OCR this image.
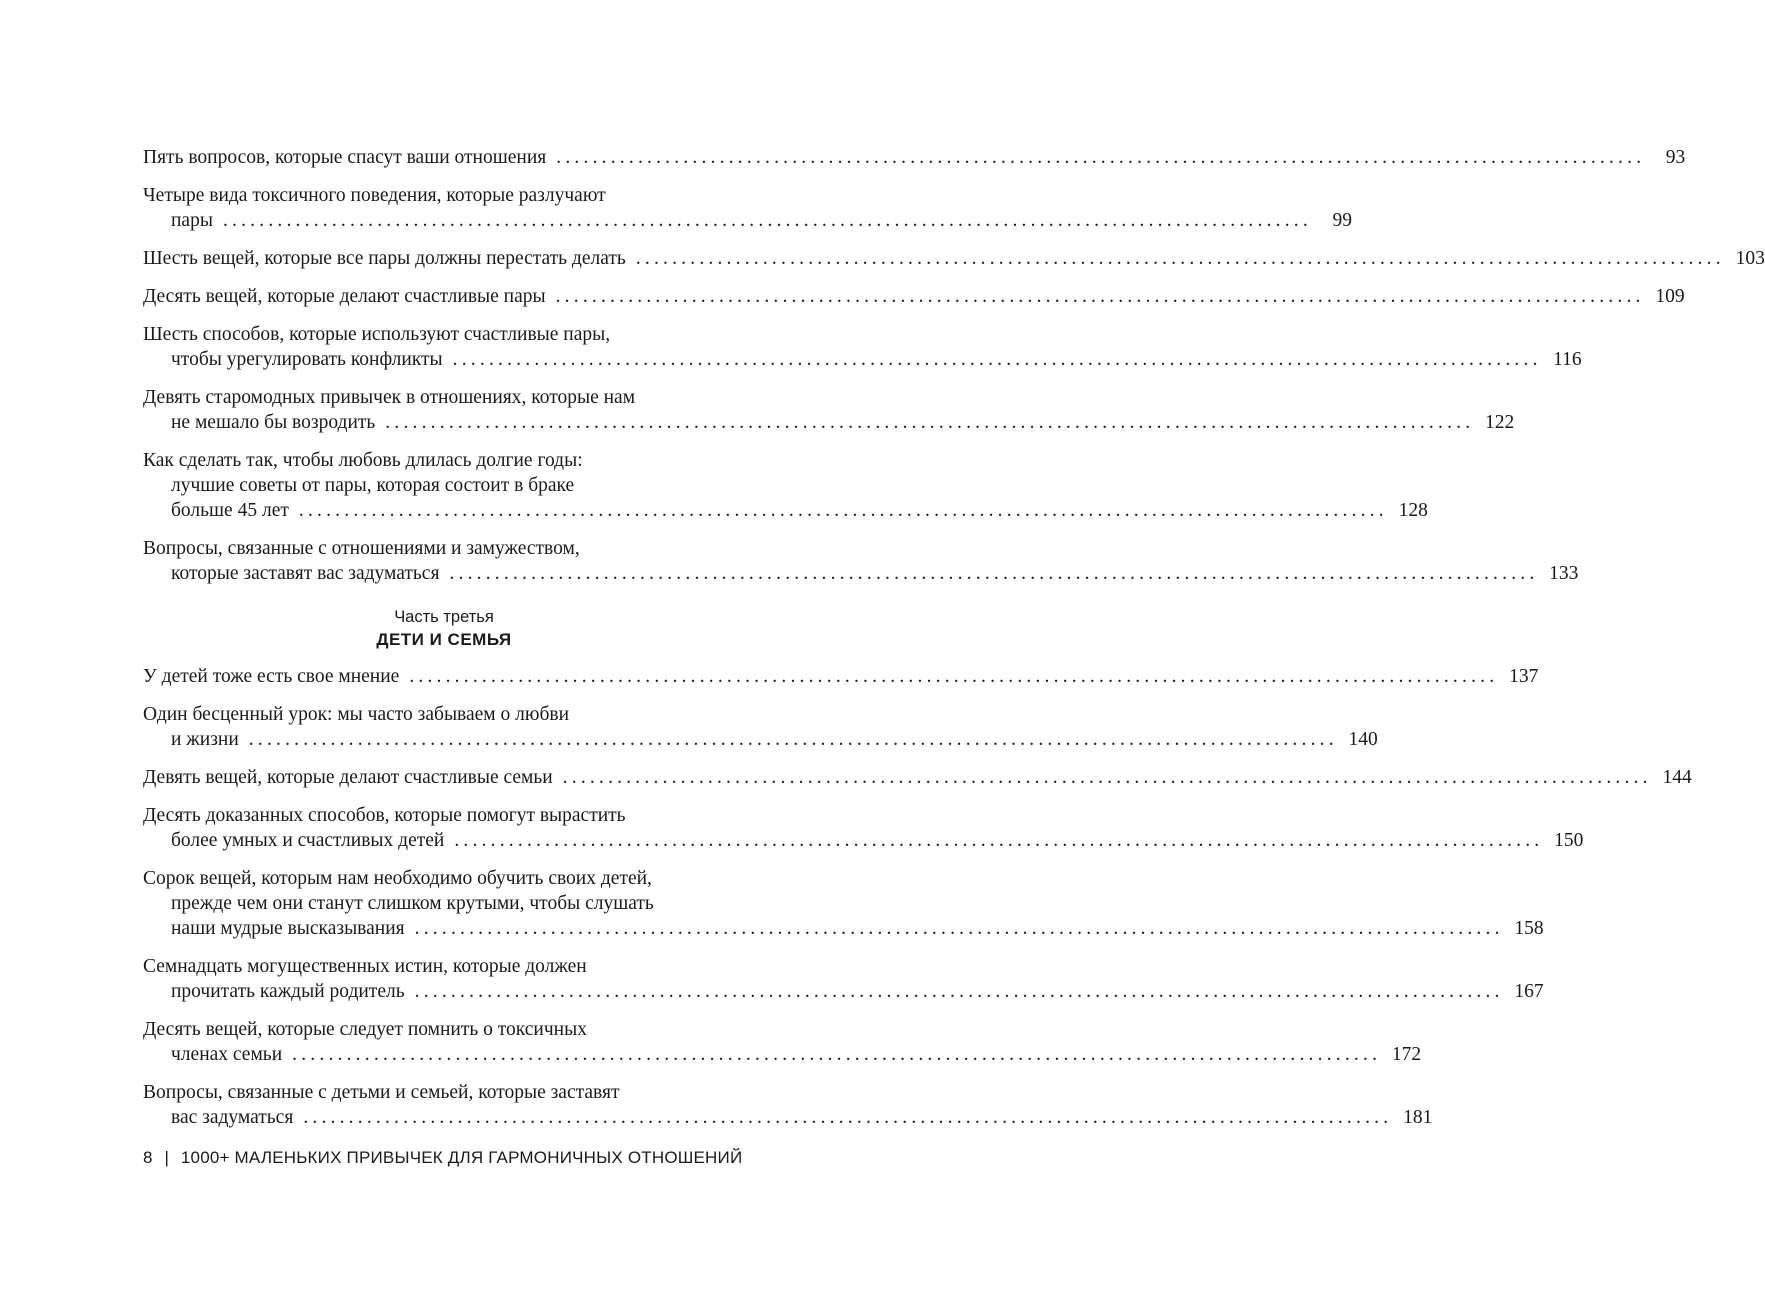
Пять вопросов, которые спасут ваши отношения ........................................................................................................................	93
Четыре вида токсичного поведения, которые разлучают
пары ........................................................................................................................	99
Шесть вещей, которые все пары должны перестать делать ........................................................................................................................ 103
Десять вещей, которые делают счастливые пары ........................................................................................................................ 109
Шесть способов, которые используют счастливые пары,
чтобы урегулировать конфликты ........................................................................................................................ 116
Девять старомодных привычек в отношениях, которые нам
не мешало бы возродить ........................................................................................................................ 122
Как сделать так, чтобы любовь длилась долгие годы:
лучшие советы от пары, которая состоит в браке
больше 45 лет ........................................................................................................................ 128
Вопросы, связанные с отношениями и замужеством,
которые заставят вас задуматься ........................................................................................................................ 133
Часть третья
ДЕТИ И СЕМЬЯ
У детей тоже есть свое мнение ........................................................................................................................ 137
Один бесценный урок: мы часто забываем о любви
и жизни ........................................................................................................................ 140
Девять вещей, которые делают счастливые семьи ........................................................................................................................ 144
Десять доказанных способов, которые помогут вырастить
более умных и счастливых детей ........................................................................................................................ 150
Сорок вещей, которым нам необходимо обучить своих детей,
прежде чем они станут слишком крутыми, чтобы слушать
наши мудрые высказывания ........................................................................................................................ 158
Семнадцать могущественных истин, которые должен
прочитать каждый родитель ........................................................................................................................ 167
Десять вещей, которые следует помнить о токсичных
членах семьи ........................................................................................................................ 172
Вопросы, связанные с детьми и семьей, которые заставят
вас задуматься ........................................................................................................................ 181
8 | 1000+ МАЛЕНЬКИХ ПРИВЫЧЕК ДЛЯ ГАРМОНИЧНЫХ ОТНОШЕНИЙ
